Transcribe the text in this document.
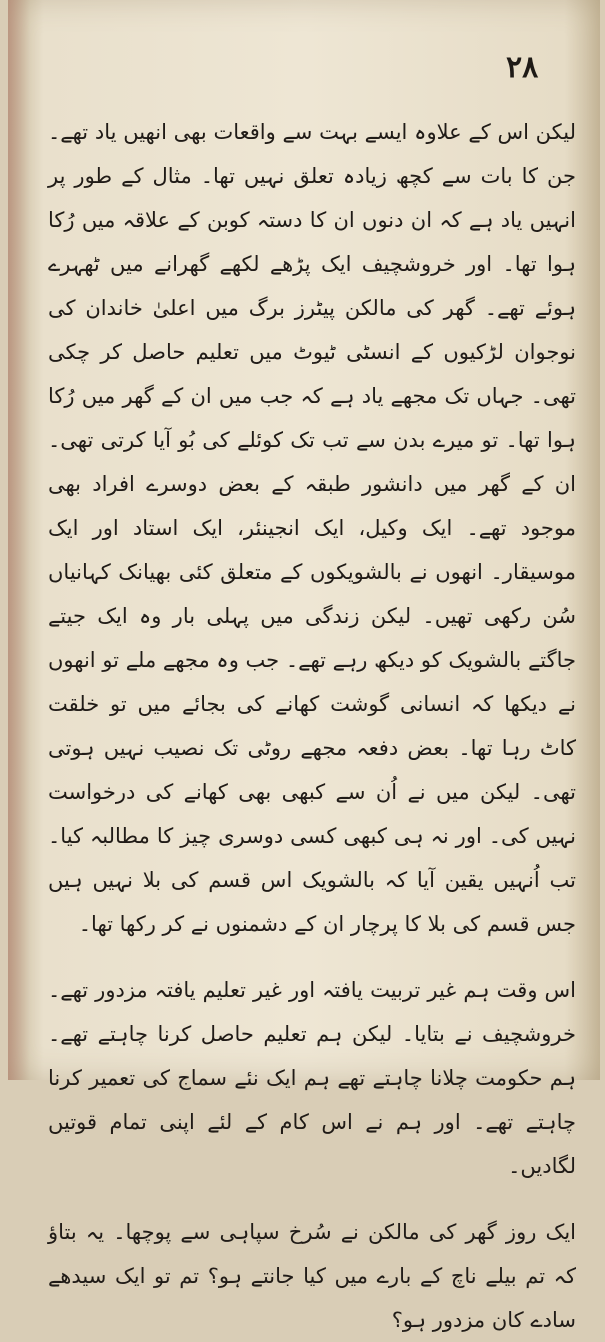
۲۸

لیکن اس کے علاوہ ایسے بہت سے واقعات بھی انھیں یاد تھے۔ جن کا بات سے کچھ زیادہ تعلق نہیں تھا۔ مثال کے طور پر انہیں یاد ہے کہ ان دنوں ان کا دستہ کوبن کے علاقہ میں رُکا ہوا تھا۔ اور خروشچیف ایک پڑھے لکھے گھرانے میں ٹھہرے ہوئے تھے۔ گھر کی مالکن پیٹرز برگ میں اعلیٰ خاندان کی نوجوان لڑکیوں کے انسٹی ٹیوٹ میں تعلیم حاصل کر چکی تھی۔ جہاں تک مجھے یاد ہے کہ جب میں ان کے گھر میں رُکا ہوا تھا۔ تو میرے بدن سے تب تک کوئلے کی بُو آیا کرتی تھی۔ ان کے گھر میں دانشور طبقہ کے بعض دوسرے افراد بھی موجود تھے۔ ایک وکیل، ایک انجینئر، ایک استاد اور ایک موسیقار۔ انھوں نے بالشویکوں کے متعلق کئی بھیانک کہانیاں سُن رکھی تھیں۔ لیکن زندگی میں پہلی بار وہ ایک جیتے جاگتے بالشویک کو دیکھ رہے تھے۔ جب وہ مجھے ملے تو انھوں نے دیکھا کہ انسانی گوشت کھانے کی بجائے میں تو خلقت کاٹ رہا تھا۔ بعض دفعہ مجھے روٹی تک نصیب نہیں ہوتی تھی۔ لیکن میں نے اُن سے کبھی بھی کھانے کی درخواست نہیں کی۔ اور نہ ہی کبھی کسی دوسری چیز کا مطالبہ کیا۔ تب اُنہیں یقین آیا کہ بالشویک اس قسم کی بلا نہیں ہیں جس قسم کی بلا کا پرچار ان کے دشمنوں نے کر رکھا تھا۔

اس وقت ہم غیر تربیت یافتہ اور غیر تعلیم یافتہ مزدور تھے۔ خروشچیف نے بتایا۔ لیکن ہم تعلیم حاصل کرنا چاہتے تھے۔ ہم حکومت چلانا چاہتے تھے ہم ایک نئے سماج کی تعمیر کرنا چاہتے تھے۔ اور ہم نے اس کام کے لئے اپنی تمام قوتیں لگادیں۔

ایک روز گھر کی مالکن نے سُرخ سپاہی سے پوچھا۔ یہ بتاؤ کہ تم بیلے ناچ کے بارے میں کیا جانتے ہو؟ تم تو ایک سیدھے سادے کان مزدور ہو؟
